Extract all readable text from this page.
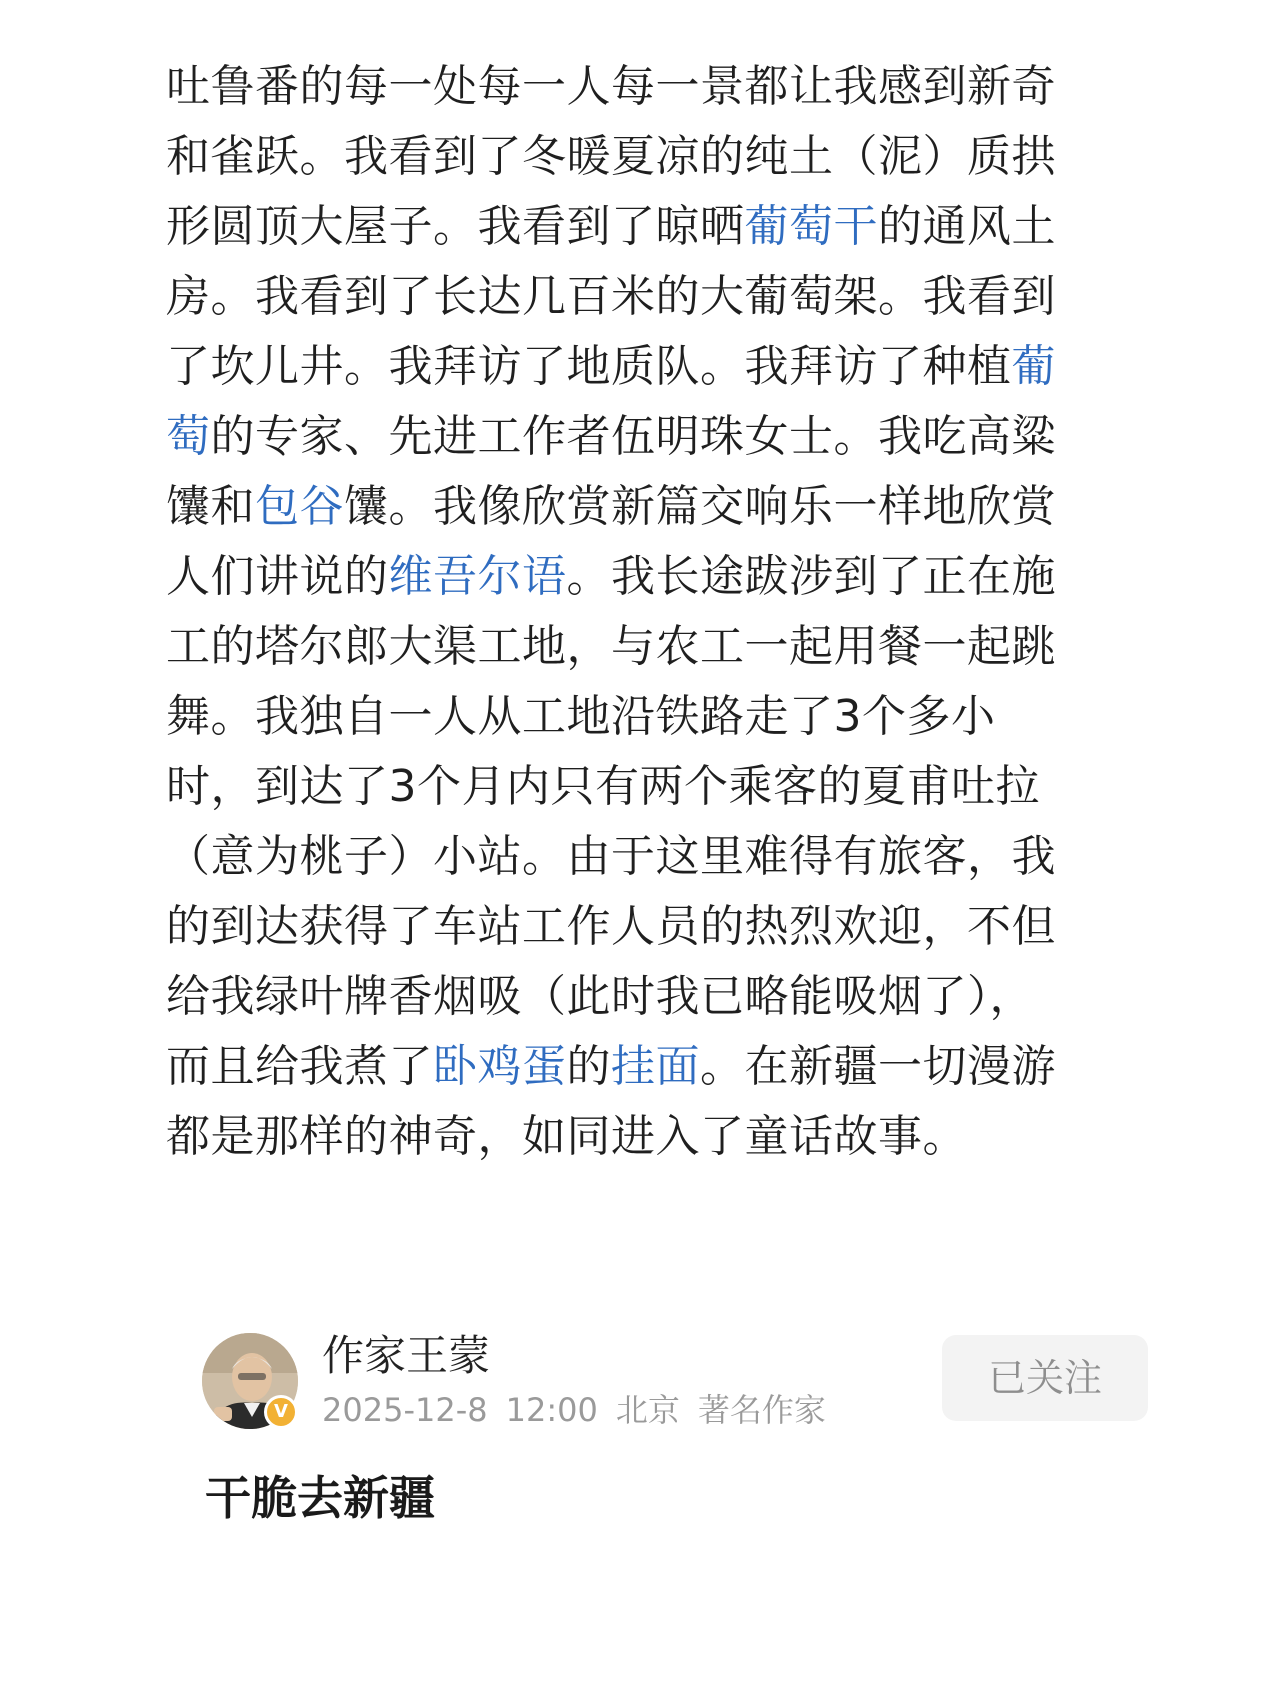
吐鲁番的每一处每一人每一景都让我感到新奇和雀跃。我看到了冬暖夏凉的纯土（泥）质拱形圆顶大屋子。我看到了晾晒葡萄干的通风土房。我看到了长达几百米的大葡萄架。我看到了坎儿井。我拜访了地质队。我拜访了种植葡萄的专家、先进工作者伍明珠女士。我吃高粱馕和包谷馕。我像欣赏新篇交响乐一样地欣赏人们讲说的维吾尔语。我长途跋涉到了正在施工的塔尔郎大渠工地，与农工一起用餐一起跳舞。我独自一人从工地沿铁路走了3个多小时，到达了3个月内只有两个乘客的夏甫吐拉（意为桃子）小站。由于这里难得有旅客，我的到达获得了车站工作人员的热烈欢迎，不但给我绿叶牌香烟吸（此时我已略能吸烟了），而且给我煮了卧鸡蛋的挂面。在新疆一切漫游都是那样的神奇，如同进入了童话故事。

V
作家王蒙
2025-12-8 12:00 北京 著名作家
已关注
干脆去新疆
